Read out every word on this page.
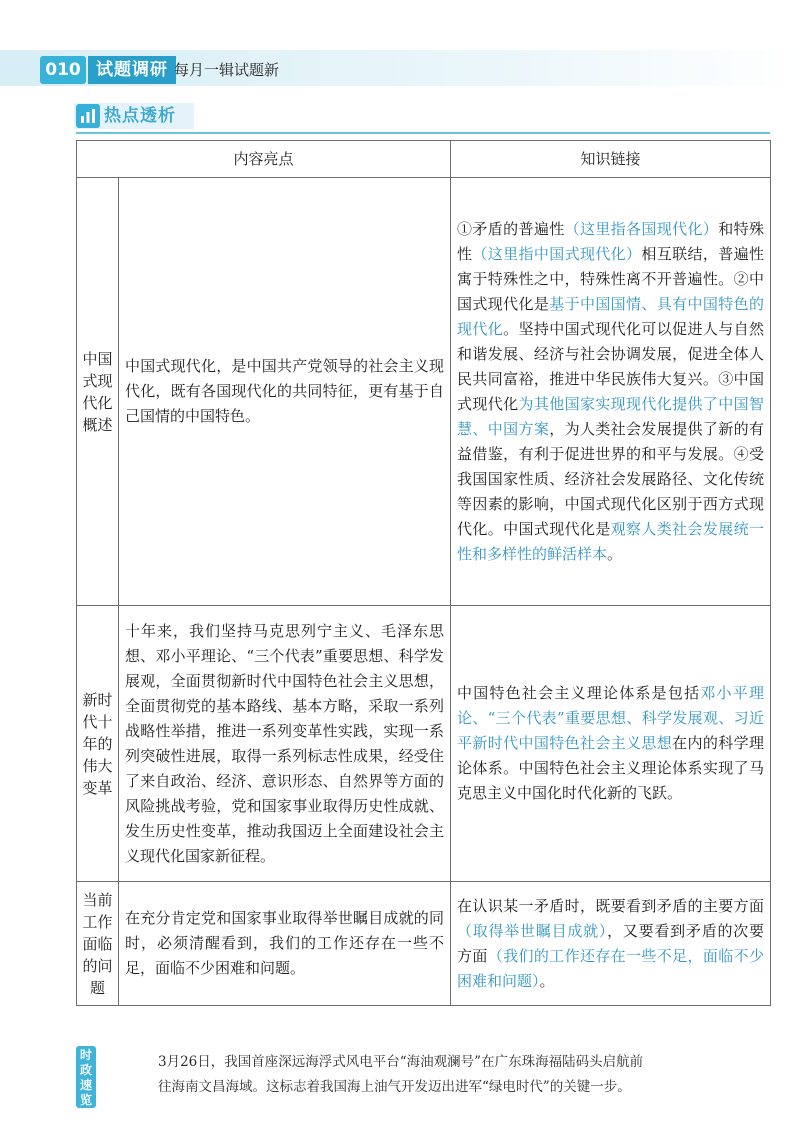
010 试题调研 每月一辑试题新
热点透析
内容亮点		知识链接
中国式现代化概述	中国式现代化，是中国共产党领导的社会主义现代化，既有各国现代化的共同特征，更有基于自己国情的中国特色。	①矛盾的普遍性（这里指各国现代化）和特殊性（这里指中国式现代化）相互联结，普遍性寓于特殊性之中，特殊性离不开普遍性。②中国式现代化是基于中国国情、具有中国特色的现代化。坚持中国式现代化可以促进人与自然和谐发展、经济与社会协调发展，促进全体人民共同富裕，推进中华民族伟大复兴。③中国式现代化为其他国家实现现代化提供了中国智慧、中国方案，为人类社会发展提供了新的有益借鉴，有利于促进世界的和平与发展。④受我国国家性质、经济社会发展路径、文化传统等因素的影响，中国式现代化区别于西方式现代化。中国式现代化是观察人类社会发展统一性和多样性的鲜活样本。
新时代十年的伟大变革	十年来，我们坚持马克思列宁主义、毛泽东思想、邓小平理论、“三个代表”重要思想、科学发展观，全面贯彻新时代中国特色社会主义思想，全面贯彻党的基本路线、基本方略，采取一系列战略性举措，推进一系列变革性实践，实现一系列突破性进展，取得一系列标志性成果，经受住了来自政治、经济、意识形态、自然界等方面的风险挑战考验，党和国家事业取得历史性成就、发生历史性变革，推动我国迈上全面建设社会主义现代化国家新征程。	中国特色社会主义理论体系是包括邓小平理论、“三个代表”重要思想、科学发展观、习近平新时代中国特色社会主义思想在内的科学理论体系。中国特色社会主义理论体系实现了马克思主义中国化时代化新的飞跃。
当前工作面临的问题	在充分肯定党和国家事业取得举世瞩目成就的同时，必须清醒看到，我们的工作还存在一些不足，面临不少困难和问题。	在认识某一矛盾时，既要看到矛盾的主要方面（取得举世瞩目成就），又要看到矛盾的次要方面（我们的工作还存在一些不足，面临不少困难和问题）。
时政速览
3月26日，我国首座深远海浮式风电平台“海油观澜号”在广东珠海福陆码头启航前
往海南文昌海域。这标志着我国海上油气开发迈出进军“绿电时代”的关键一步。
